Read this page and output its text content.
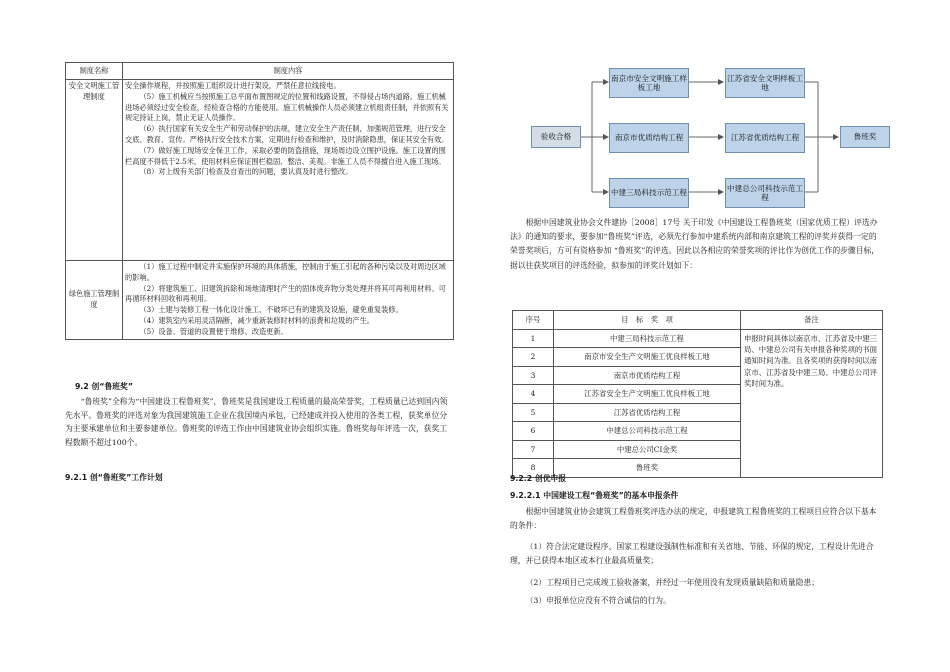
制度名称	制度内容
安全文明施工管理制度	安全操作规程，并按照施工组织设计进行架设，严禁任意拉线接电。
（5）施工机械应当按照施工总平面布置图规定的位置和线路设置，不得侵占场内道路。施工机械进场必须经过安全检查，经检查合格的方能使用。施工机械操作人员必须建立机组责任制，并依照有关规定持证上岗，禁止无证人员操作。
（6）执行国家有关安全生产和劳动保护的法规，建立安全生产责任制，加强规范管理，进行安全交底、教育、宣传。严格执行安全技术方案，定期进行检查和维护，及时消除隐患，保证其安全有效。
（7）做好施工现场安全保卫工作，采取必要的防盗措施，现场周边设立围护设施。施工设置的围栏高度不得低于2.5米，使用材料应保证围栏稳固、整洁、美观。非施工人员不得擅自进入施工现场。
（8）对上级有关部门检查及自查出的问题，要认真及时进行整改。

绿色施工管理制度	（1）施工过程中制定并实施保护环境的具体措施，控制由于施工引起的各种污染以及对周边区域的影响。
（2）将建筑施工、旧建筑拆除和场地清理时产生的固体废弃物分类处理并将其可再利用材料、可再循环材料回收和再利用。
（3）土建与装修工程一体化设计施工、不破坏已有的建筑及设施，避免重复装修。
（4）建筑室内采用灵活隔断，减少重新装修时材料的浪费和垃圾的产生。
（5）设备、管道的设置便于维修、改造更新。
9.2 创“鲁班奖”
“鲁班奖”全称为“中国建设工程鲁班奖”，鲁班奖是我国建设工程质量的最高荣誉奖，工程质量已达到国内领先水平。鲁班奖的评选对象为我国建筑施工企业在我国境内承包，已经建成并投入使用的各类工程，获奖单位分为主要承建单位和主要参建单位。鲁班奖的评选工作由中国建筑业协会组织实施。鲁班奖每年评选一次，获奖工程数额不超过100个。
9.2.1 创“鲁班奖”工作计划
验收合格
南京市安全文明施工样板工地
南京市优质结构工程
中建三局科技示范工程
江苏省安全文明样板工地
江苏省优质结构工程
中建总公司科技示范工程
鲁班奖
根据中国建筑业协会文件建协［2008］17号 关于印发《中国建设工程鲁班奖（国家优质工程）评选办法》的通知的要求，要参加“鲁班奖”评选，必须先行参加中建系统内部和南京建筑工程的评奖并获得一定的荣誉奖项后，方可有资格参加 “鲁班奖”的评选。因此以各相应的荣誉奖项的评比作为创优工作的步骤目标，据以往获奖项目的评选经验，拟参加的评奖计划如下：
序号	目　标　奖　项	备注
1	中建三局科技示范工程	申报时间具体以南京市、江苏省及中建三局、中建总公司有关申报各种奖项的书面通知时间为准。且各奖项的获得时间以南京市、江苏省及中建三局、中建总公司评奖时间为准。
2	南京市安全生产文明施工优良样板工地	
3	南京市优质结构工程	
4	江苏省安全生产文明施工优良样板工地	
5	江苏省优质结构工程	
6	中建总公司科技示范工程	
7	中建总公司CI金奖	
8	鲁班奖	
9.2.2 创优申报
9.2.2.1 中国建设工程“鲁班奖”的基本申报条件
根据中国建筑业协会建筑工程鲁班奖评选办法的规定，申报建筑工程鲁班奖的工程项目应符合以下基本的条件：
（1）符合法定建设程序、国家工程建设强制性标准和有关省地、节能、环保的规定，工程设计先进合理，并已获得本地区或本行业最高质量奖；
（2）工程项目已完成竣工验收备案，并经过一年使用没有发现质量缺陷和质量隐患；
（3）申报单位应没有不符合诚信的行为。
